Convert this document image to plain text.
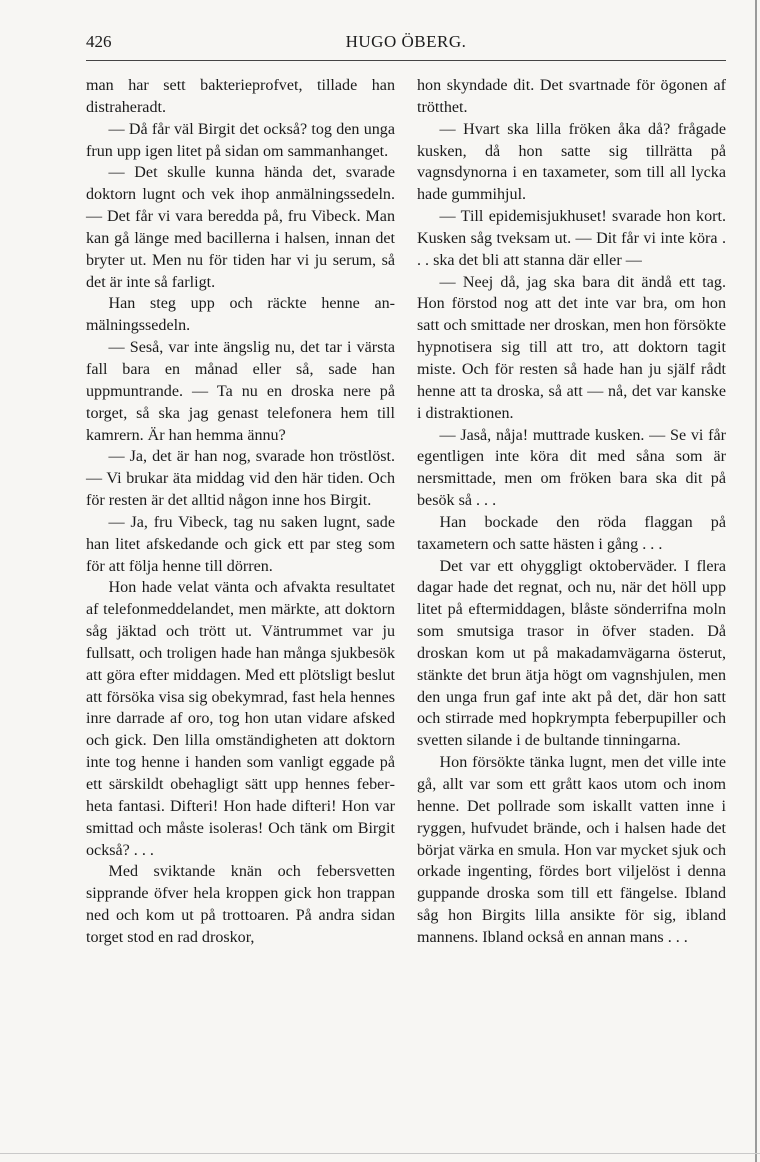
426	HUGO ÖBERG.

man har sett bakterieprofvet, tillade han distraheradt.

— Då får väl Birgit det också? tog den unga frun upp igen litet på sidan om sammanhanget.

— Det skulle kunna hända det, svarade doktorn lugnt och vek ihop anmälningssedeln. — Det får vi vara beredda på, fru Vibeck. Man kan gå länge med bacillerna i halsen, innan det bryter ut. Men nu för tiden har vi ju serum, så det är inte så farligt.

Han steg upp och räckte henne anmälningssedeln.

— Seså, var inte ängslig nu, det tar i värsta fall bara en månad eller så, sade han uppmuntrande. — Ta nu en droska nere på torget, så ska jag genast telefonera hem till kamrern. Är han hemma ännu?

— Ja, det är han nog, svarade hon tröstlöst. — Vi brukar äta middag vid den här tiden. Och för resten är det alltid någon inne hos Birgit.

— Ja, fru Vibeck, tag nu saken lugnt, sade han litet afskedande och gick ett par steg som för att följa henne till dörren.

Hon hade velat vänta och afvakta resultatet af telefonmeddelandet, men märkte, att doktorn såg jäktad och trött ut. Väntrummet var ju fullsatt, och troligen hade han många sjukbesök att göra efter middagen. Med ett plötsligt beslut att försöka visa sig obekymrad, fast hela hennes inre darrade af oro, tog hon utan vidare afsked och gick. Den lilla omständigheten att doktorn inte tog henne i handen som vanligt eggade på ett särskildt obehagligt sätt upp hennes feberheta fantasi. Difteri! Hon hade difteri! Hon var smittad och måste isoleras! Och tänk om Birgit också? . . .

Med sviktande knän och febersvetten sipprande öfver hela kroppen gick hon trappan ned och kom ut på trottoaren. På andra sidan torget stod en rad droskor,

hon skyndade dit. Det svartnade för ögonen af trötthet.

— Hvart ska lilla fröken åka då? frågade kusken, då hon satte sig tillrätta på vagnsdynorna i en taxameter, som till all lycka hade gummihjul.

— Till epidemisjukhuset! svarade hon kort. Kusken såg tveksam ut. — Dit får vi inte köra . . . ska det bli att stanna där eller —

— Neej då, jag ska bara dit ändå ett tag. Hon förstod nog att det inte var bra, om hon satt och smittade ner droskan, men hon försökte hypnotisera sig till att tro, att doktorn tagit miste. Och för resten så hade han ju själf rådt henne att ta droska, så att — nå, det var kanske i distraktionen.

— Jaså, nåja! muttrade kusken. — Se vi får egentligen inte köra dit med såna som är nersmittade, men om fröken bara ska dit på besök så . . .

Han bockade den röda flaggan på taxametern och satte hästen i gång . . .

Det var ett ohyggligt oktoberväder. I flera dagar hade det regnat, och nu, när det höll upp litet på eftermiddagen, blåste sönderrifna moln som smutsiga trasor in öfver staden. Då droskan kom ut på makadamvägarna österut, stänkte det brun ätja högt om vagnshjulen, men den unga frun gaf inte akt på det, där hon satt och stirrade med hopkrympta feberpupiller och svetten silande i de bultande tinningarna.

Hon försökte tänka lugnt, men det ville inte gå, allt var som ett grått kaos utom och inom henne. Det pollrade som iskallt vatten inne i ryggen, hufvudet brände, och i halsen hade det börjat värka en smula. Hon var mycket sjuk och orkade ingenting, fördes bort viljelöst i denna guppande droska som till ett fängelse. Ibland såg hon Birgits lilla ansikte för sig, ibland mannens. Ibland också en annan mans . . .
